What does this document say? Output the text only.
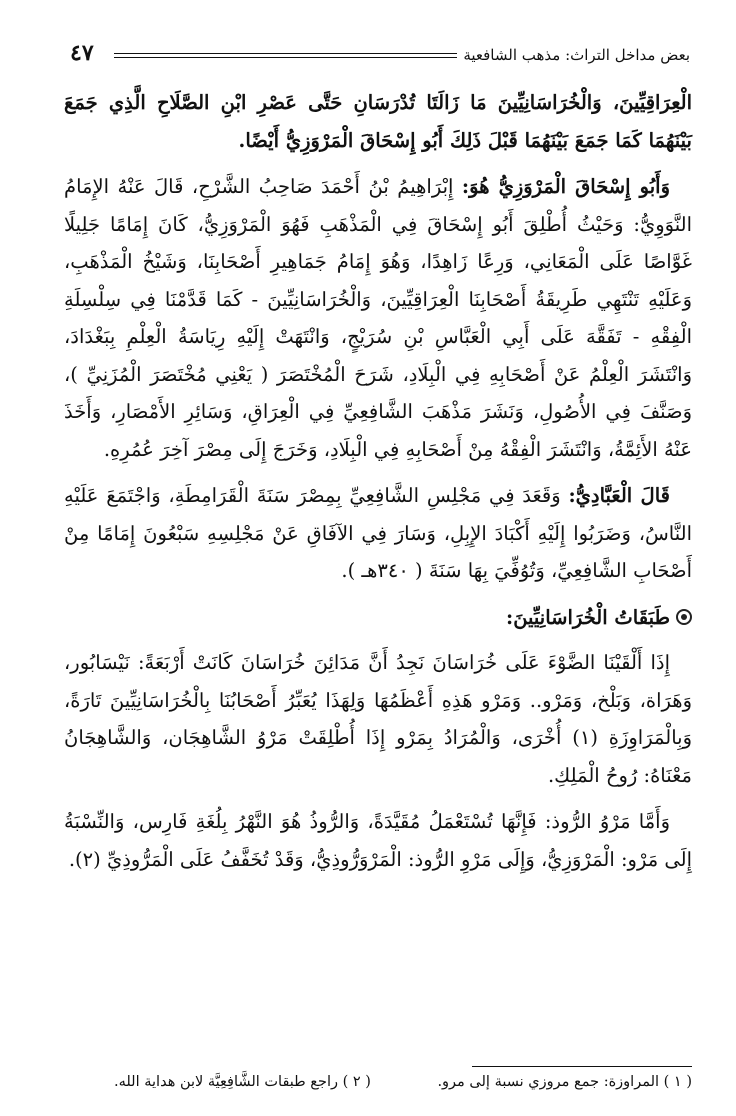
بعض مداخل التراث: مذهب الشافعية
٤٧

الْعِرَاقِيِّينَ، وَالْخُرَاسَانِيِّينَ مَا زَالَتَا تُدْرَسَانِ حَتَّى عَصْرِ ابْنِ الصَّلَاحِ الَّذِي جَمَعَ بَيْنَهُمَا كَمَا جَمَعَ بَيْنَهُمَا قَبْلَ ذَلِكَ أَبُو إِسْحَاقَ الْمَرْوَزِيُّ أَيْضًا.

وَأَبُو إِسْحَاقَ الْمَرْوَزِيُّ هُوَ: إِبْرَاهِيمُ بْنُ أَحْمَدَ صَاحِبُ الشَّرْحِ، قَالَ عَنْهُ الإِمَامُ النَّوَوِيُّ: وَحَيْثُ أُطْلِقَ أَبُو إِسْحَاقَ فِي الْمَذْهَبِ فَهُوَ الْمَرْوَزِيُّ، كَانَ إِمَامًا جَلِيلًا غَوَّاصًا عَلَى الْمَعَانِي، وَرِعًا زَاهِدًا، وَهُوَ إِمَامُ جَمَاهِيرِ أَصْحَابِنَا، وَشَيْخُ الْمَذْهَبِ، وَعَلَيْهِ تَنْتَهِي طَرِيقَةُ أَصْحَابِنَا الْعِرَاقِيِّينَ، وَالْخُرَاسَانِيِّينَ - كَمَا قَدَّمْنَا فِي سِلْسِلَةِ الْفِقْهِ - تَفَقَّهَ عَلَى أَبِي الْعَبَّاسِ بْنِ سُرَيْجٍ، وَانْتَهَتْ إِلَيْهِ رِيَاسَةُ الْعِلْمِ بِبَغْدَادَ، وَانْتَشَرَ الْعِلْمُ عَنْ أَصْحَابِهِ فِي الْبِلَادِ، شَرَحَ الْمُخْتَصَرَ ( يَعْنِي مُخْتَصَرَ الْمُزَنِيِّ )، وَصَنَّفَ فِي الأُصُولِ، وَنَشَرَ مَذْهَبَ الشَّافِعِيِّ فِي الْعِرَاقِ، وَسَائِرِ الأَمْصَارِ، وَأَخَذَ عَنْهُ الأَئِمَّةُ، وَانْتَشَرَ الْفِقْهُ مِنْ أَصْحَابِهِ فِي الْبِلَادِ، وَخَرَجَ إِلَى مِصْرَ آخِرَ عُمُرِهِ.

قَالَ الْعَبَّادِيُّ: وَقَعَدَ فِي مَجْلِسِ الشَّافِعِيِّ بِمِصْرَ سَنَةَ الْقَرَامِطَةِ، وَاجْتَمَعَ عَلَيْهِ النَّاسُ، وَضَرَبُوا إِلَيْهِ أَكْبَادَ الإِبِلِ، وَسَارَ فِي الآفَاقِ عَنْ مَجْلِسِهِ سَبْعُونَ إِمَامًا مِنْ أَصْحَابِ الشَّافِعِيِّ، وَتُوُفِّيَ بِهَا سَنَةَ ( ٣٤٠هـ ).

طَبَقَاتُ الْخُرَاسَانِيِّينَ:

إِذَا أَلْقَيْنَا الضَّوْءَ عَلَى خُرَاسَانَ نَجِدُ أَنَّ مَدَائِنَ خُرَاسَانَ كَانَتْ أَرْبَعَةً: نَيْسَابُور، وَهَرَاة، وَبَلْخ، وَمَرْو.. وَمَرْو هَذِهِ أَعْظَمُهَا وَلِهَذَا يُعَبِّرُ أَصْحَابُنَا بِالْخُرَاسَانِيِّينَ تَارَةً، وَبِالْمَرَاوِزَةِ (١) أُخْرَى، وَالْمُرَادُ بِمَرْو إِذَا أُطْلِقَتْ مَرْوُ الشَّاهِجَان، وَالشَّاهِجَانُ مَعْنَاهُ: رُوحُ الْمَلِكِ.

وَأَمَّا مَرْوُ الرُّوذ: فَإِنَّهَا تُسْتَعْمَلُ مُقَيَّدَةً، وَالرُّوذُ هُوَ النَّهْرُ بِلُغَةِ فَارِس، وَالنِّسْبَةُ إِلَى مَرْو: الْمَرْوَزِيُّ، وَإِلَى مَرْوِ الرُّوذ: الْمَرْوَرُّوذِيُّ، وَقَدْ تُخَفَّفُ عَلَى الْمَرُّوذِيِّ (٢).

( ١ ) المراوزة: جمع مروزي نسبة إلى مرو.
( ٢ ) راجع طبقات الشَّافِعِيَّة لابن هداية الله.
